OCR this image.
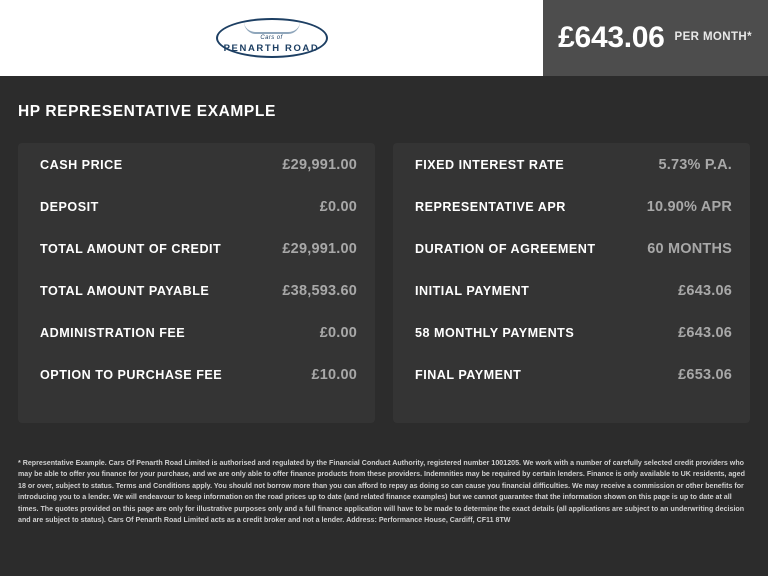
Cars of
PENARTH ROAD	£643.06 PER MONTH*
HP REPRESENTATIVE EXAMPLE
CASH PRICE	£29,991.00
DEPOSIT	£0.00
TOTAL AMOUNT OF CREDIT	£29,991.00
TOTAL AMOUNT PAYABLE	£38,593.60
ADMINISTRATION FEE	£0.00
OPTION TO PURCHASE FEE	£10.00
FIXED INTEREST RATE	5.73% P.A.
REPRESENTATIVE APR	10.90% APR
DURATION OF AGREEMENT	60 MONTHS
INITIAL PAYMENT	£643.06
58 MONTHLY PAYMENTS	£643.06
FINAL PAYMENT	£653.06
* Representative Example. Cars Of Penarth Road Limited is authorised and regulated by the Financial Conduct Authority, registered number 1001205. We work with a number of carefully selected credit providers who may be able to offer you finance for your purchase, and we are only able to offer finance products from these providers. Indemnities may be required by certain lenders. Finance is only available to UK residents, aged 18 or over, subject to status. Terms and Conditions apply. You should not borrow more than you can afford to repay as doing so can cause you financial difficulties. We may receive a commission or other benefits for introducing you to a lender. We will endeavour to keep information on the road prices up to date (and related finance examples) but we cannot guarantee that the information shown on this page is up to date at all times. The quotes provided on this page are only for illustrative purposes only and a full finance application will have to be made to determine the exact details (all applications are subject to an underwriting decision and are subject to status). Cars Of Penarth Road Limited acts as a credit broker and not a lender. Address: Performance House, Cardiff, CF11 8TW
